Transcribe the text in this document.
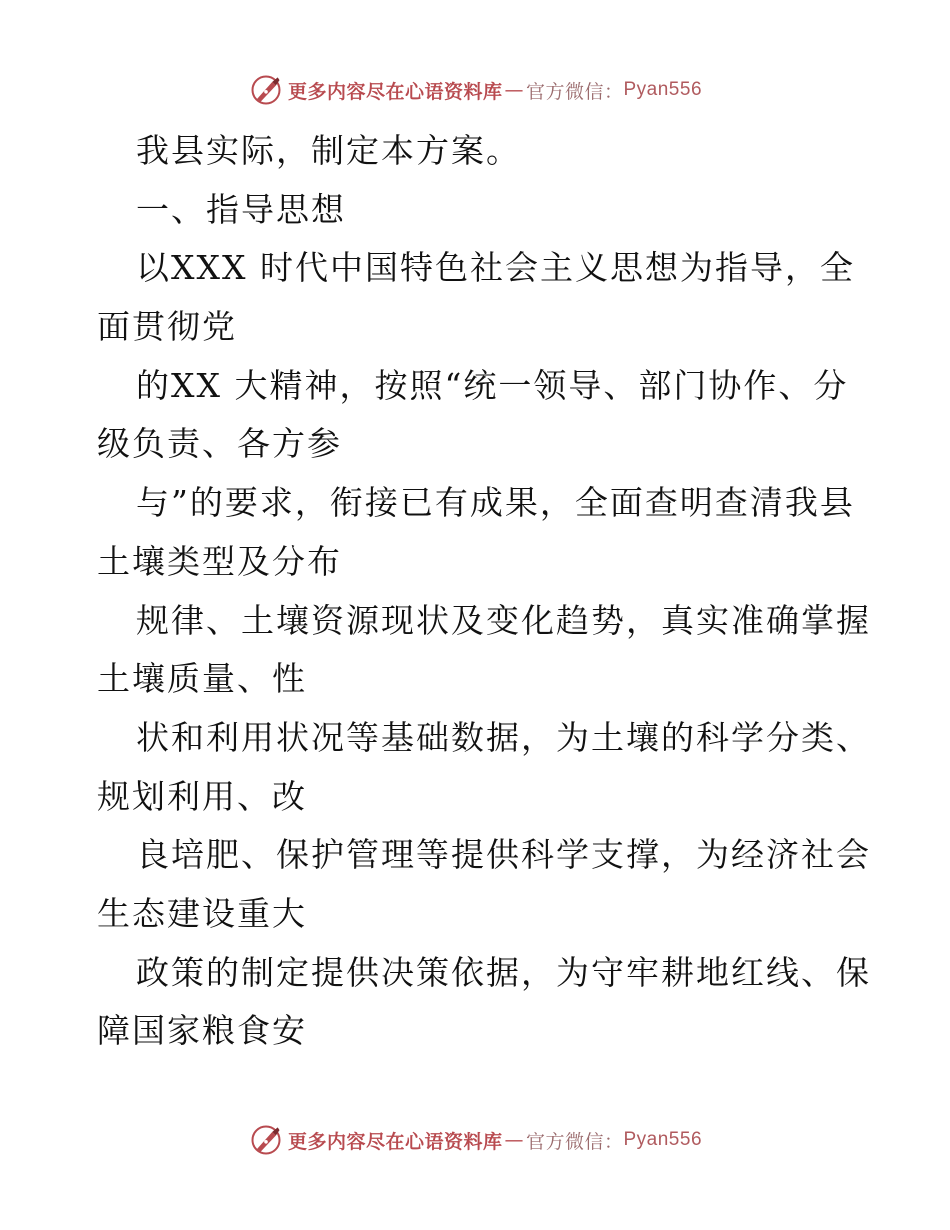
更多内容尽在心语资料库 — 官方微信： Pyan556
我县实际，制定本方案。
一、指导思想
以XXX 时代中国特色社会主义思想为指导，全
面贯彻党
的XX 大精神，按照“统一领导、部门协作、分
级负责、各方参
与”的要求，衔接已有成果，全面查明查清我县
土壤类型及分布
规律、土壤资源现状及变化趋势，真实准确掌握
土壤质量、性
状和利用状况等基础数据，为土壤的科学分类、
规划利用、改
良培肥、保护管理等提供科学支撑，为经济社会
生态建设重大
政策的制定提供决策依据，为守牢耕地红线、保
障国家粮食安
更多内容尽在心语资料库 — 官方微信： Pyan556
